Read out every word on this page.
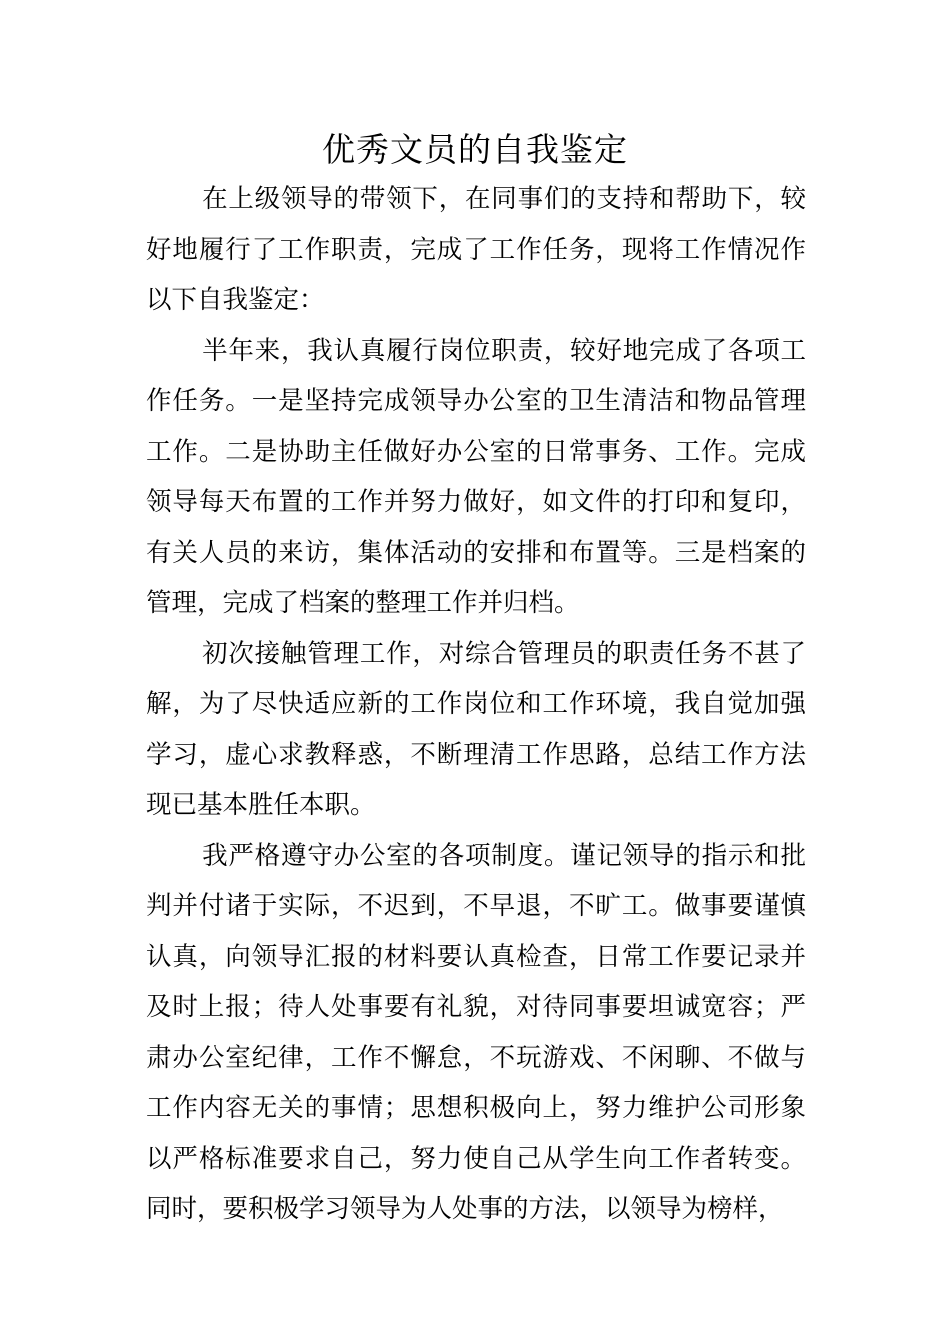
优秀文员的自我鉴定

在上级领导的带领下，在同事们的支持和帮助下，较好地履行了工作职责，完成了工作任务，现将工作情况作以下自我鉴定：

半年来，我认真履行岗位职责，较好地完成了各项工作任务。一是坚持完成领导办公室的卫生清洁和物品管理工作。二是协助主任做好办公室的日常事务、工作。完成领导每天布置的工作并努力做好，如文件的打印和复印，有关人员的来访，集体活动的安排和布置等。三是档案的管理，完成了档案的整理工作并归档。

初次接触管理工作，对综合管理员的职责任务不甚了解，为了尽快适应新的工作岗位和工作环境，我自觉加强学习，虚心求教释惑，不断理清工作思路，总结工作方法现已基本胜任本职。

我严格遵守办公室的各项制度。谨记领导的指示和批判并付诸于实际，不迟到，不早退，不旷工。做事要谨慎认真，向领导汇报的材料要认真检查，日常工作要记录并及时上报；待人处事要有礼貌，对待同事要坦诚宽容；严肃办公室纪律，工作不懈怠，不玩游戏、不闲聊、不做与工作内容无关的事情；思想积极向上，努力维护公司形象以严格标准要求自己，努力使自己从学生向工作者转变。同时，要积极学习领导为人处事的方法，以领导为榜样，
